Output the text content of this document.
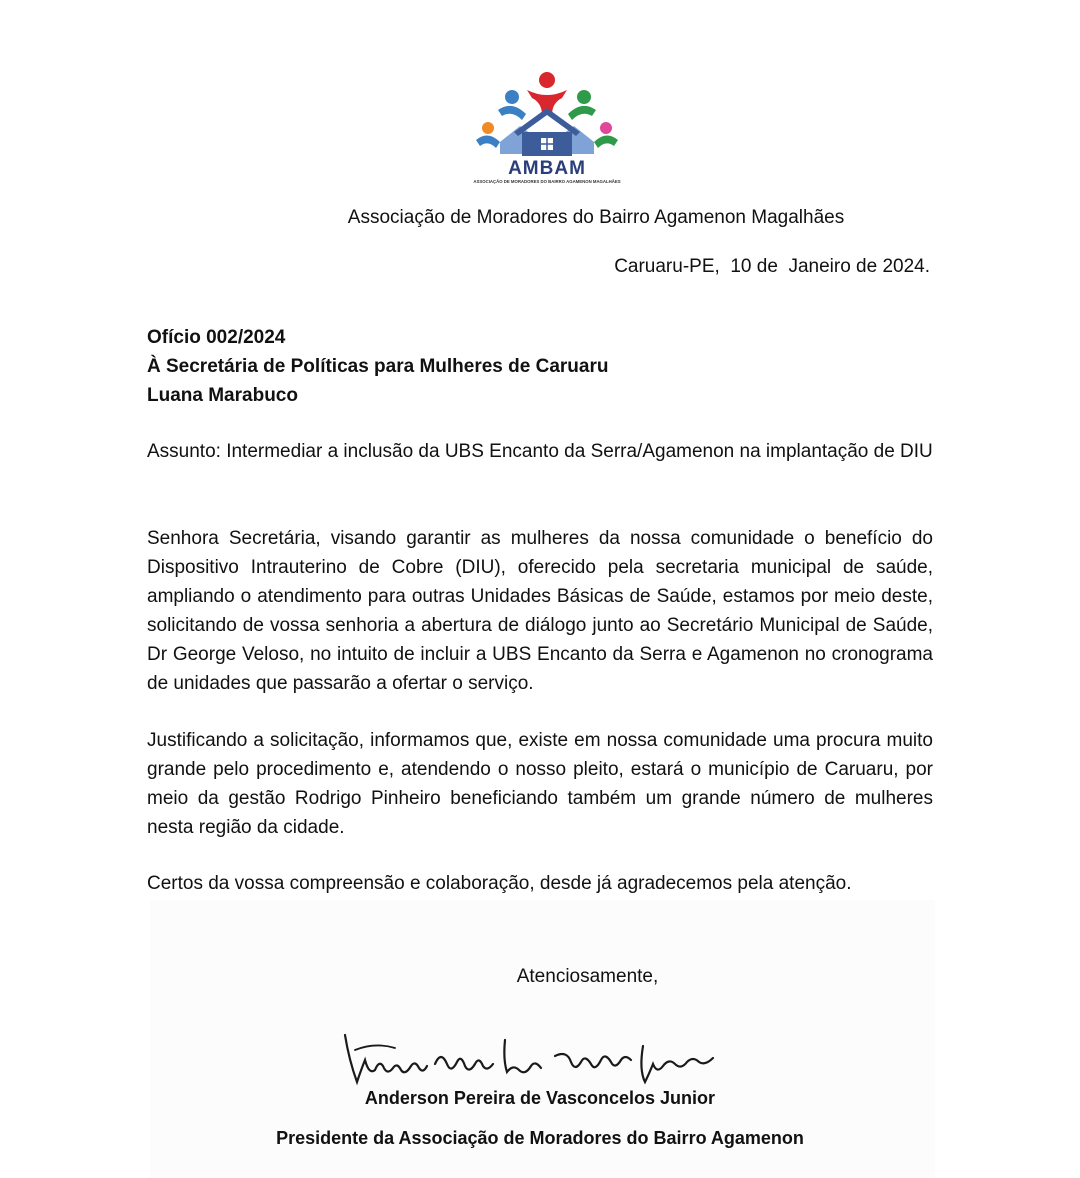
AMBAM
ASSOCIAÇÃO DE MORADORES DO BAIRRO AGAMENON MAGALHÃES
Associação de Moradores do Bairro Agamenon Magalhães
Caruaru-PE,  10 de  Janeiro de 2024.
Ofício 002/2024
À Secretária de Políticas para Mulheres de Caruaru
Luana Marabuco
Assunto: Intermediar a inclusão da UBS Encanto da Serra/Agamenon na implantação de DIU
Senhora Secretária, visando garantir as mulheres da nossa comunidade o benefício do Dispositivo Intrauterino de Cobre (DIU), oferecido pela secretaria municipal de saúde, ampliando o atendimento para outras Unidades Básicas de Saúde, estamos por meio deste, solicitando de vossa senhoria a abertura de diálogo junto ao Secretário Municipal de Saúde, Dr George Veloso, no intuito de incluir a UBS Encanto da Serra e Agamenon no cronograma de unidades que passarão a ofertar o serviço.
Justificando a solicitação, informamos que, existe em nossa comunidade uma procura muito grande pelo procedimento e, atendendo o nosso pleito, estará o município de Caruaru, por meio da gestão Rodrigo Pinheiro beneficiando também um grande número de mulheres nesta região da cidade.
Certos da vossa compreensão e colaboração, desde já agradecemos pela atenção.
Atenciosamente,
Anderson Pereira de Vasconcelos Junior
Presidente da Associação de Moradores do Bairro Agamenon
